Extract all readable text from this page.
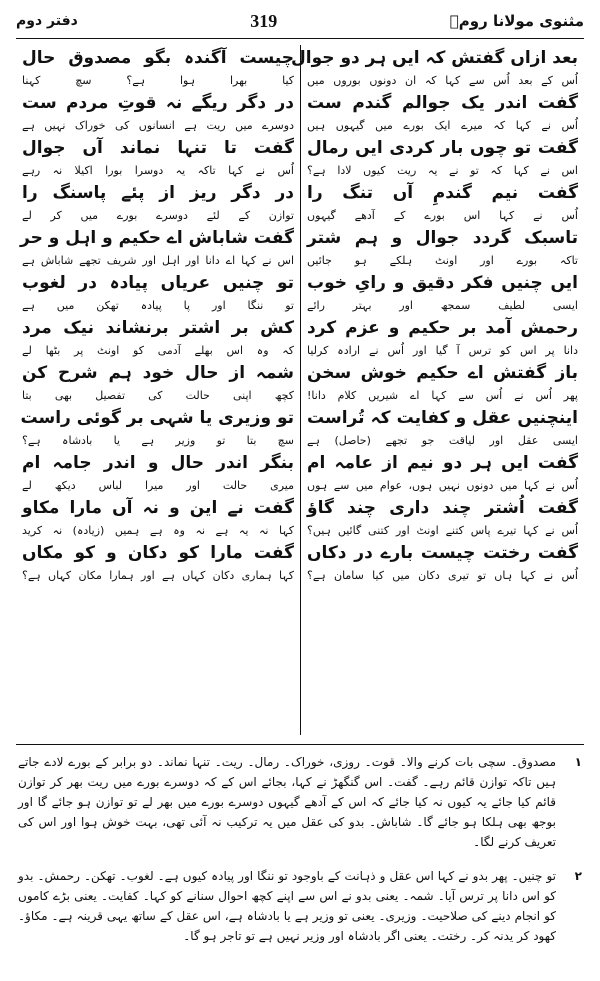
مثنوی مولانا رومؒ
319
دفتر دوم
بعد ازاں گفتش کہ ایں ہر دو جوال
اُس کے بعد اُس سے کہا کہ ان دونوں بوروں میں
گفت اندر یک جوالم گندم ست
اُس نے کہا کہ میرے ایک بورے میں گیہوں ہیں
گفت تو چوں بار کردی ایں رمال
اس نے کہا کہ تو نے یہ ریت کیوں لادا ہے؟
گفت نیم گندمِ آں تنگ را
اُس نے کہا اس بورے کے آدھے گیہوں
تاسبک گردد جوال و ہم شتر
تاکہ بورے اور اونٹ ہلکے ہو جائیں
ایں چنیں فکر دقیق و رایِ خوب
ایسی لطیف سمجھ اور بہتر رائے
رحمش آمد بر حکیم و عزم کرد
دانا پر اس کو ترس آ گیا اور اُس نے ارادہ کرلیا
باز گفتش اے حکیم خوش سخن
پھر اُس نے اُس سے کہا اے شیریں کلام دانا!
اینچنیں عقل و کفایت کہ تُراست
ایسی عقل اور لیاقت جو تجھے (حاصل) ہے
گفت ایں ہر دو نیم از عامہ ام
اُس نے کہا میں دونوں نہیں ہوں، عوام میں سے ہوں
گفت اُشتر چند داری چند گاؤ
اُس نے کہا تیرے پاس کتنے اونٹ اور کتنی گائیں ہیں؟
گفت رختت چیست بارے در دکاں
اُس نے کہا ہاں تو تیری دکان میں کیا سامان ہے؟
چیست آگندہ بگو مصدوق حال
کیا بھرا ہوا ہے؟ سچ کہنا
در دگر ریگے نہ قوتِ مردم ست
دوسرے میں ریت ہے انسانوں کی خوراک نہیں ہے
گفت تا تنہا نماند آں جوال
اُس نے کہا تاکہ یہ دوسرا بورا اکیلا نہ رہے
در دگر ریز از پئے پاسنگ را
توازن کے لئے دوسرے بورے میں کر لے
گفت شاباش اے حکیم و اہل و حر
اس نے کہا اے دانا اور اہل اور شریف تجھے شاباش ہے
تو چنیں عریاں پیادہ در لغوب
تو ننگا اور پا پیادہ تھکن میں ہے
کش بر اشتر برنشاند نیک مرد
کہ وہ اس بھلے آدمی کو اونٹ پر بٹھا لے
شمہ از حال خود ہم شرح کن
کچھ اپنی حالت کی تفصیل بھی بتا
تو وزیری یا شہی بر گوئی راست
سچ بتا تو وزیر ہے یا بادشاہ ہے؟
بنگر اندر حال و اندر جامہ ام
میری حالت اور میرا لباس دیکھ لے
گفت نے این و نہ آں مارا مکاو
کہا نہ یہ ہے نہ وہ ہے ہمیں (زیادہ) نہ کرید
گفت مارا کو دکان و کو مکاں
کہا ہماری دکان کہاں ہے اور ہمارا مکان کہاں ہے؟
۱
مصدوق۔ سچی بات کرنے والا۔ قوت۔ روزی، خوراک۔ رمال۔ ریت۔ تنہا نماند۔ دو برابر کے بورے لادے جاتے ہیں تاکہ توازن قائم رہے۔ گفت۔ اس گنگھڑ نے کہا، بجائے اس کے کہ دوسرے بورے میں ریت بھر کر توازن قائم کیا جائے یہ کیوں نہ کیا جائے کہ اس کے آدھے گیہوں دوسرے بورے میں بھر لے تو توازن ہو جائے گا اور بوجھ بھی ہلکا ہو جائے گا۔ شاباش۔ بدو کی عقل میں یہ ترکیب نہ آئی تھی، بہت خوش ہوا اور اس کی تعریف کرنے لگا۔
۲
تو چنیں۔ پھر بدو نے کہا اس عقل و ذہانت کے باوجود تو ننگا اور پیادہ کیوں ہے۔ لغوب۔ تھکن۔ رحمش۔ بدو کو اس دانا پر ترس آیا۔ شمہ۔ یعنی بدو نے اس سے اپنے کچھ احوال سنانے کو کہا۔ کفایت۔ یعنی بڑے کاموں کو انجام دینے کی صلاحیت۔ وزیری۔ یعنی تو وزیر ہے یا بادشاہ ہے، اس عقل کے ساتھ یہی قرینہ ہے۔ مکاؤ۔ کھود کر یدنہ کر۔ رختت۔ یعنی اگر بادشاہ اور وزیر نہیں ہے تو تاجر ہو گا۔
